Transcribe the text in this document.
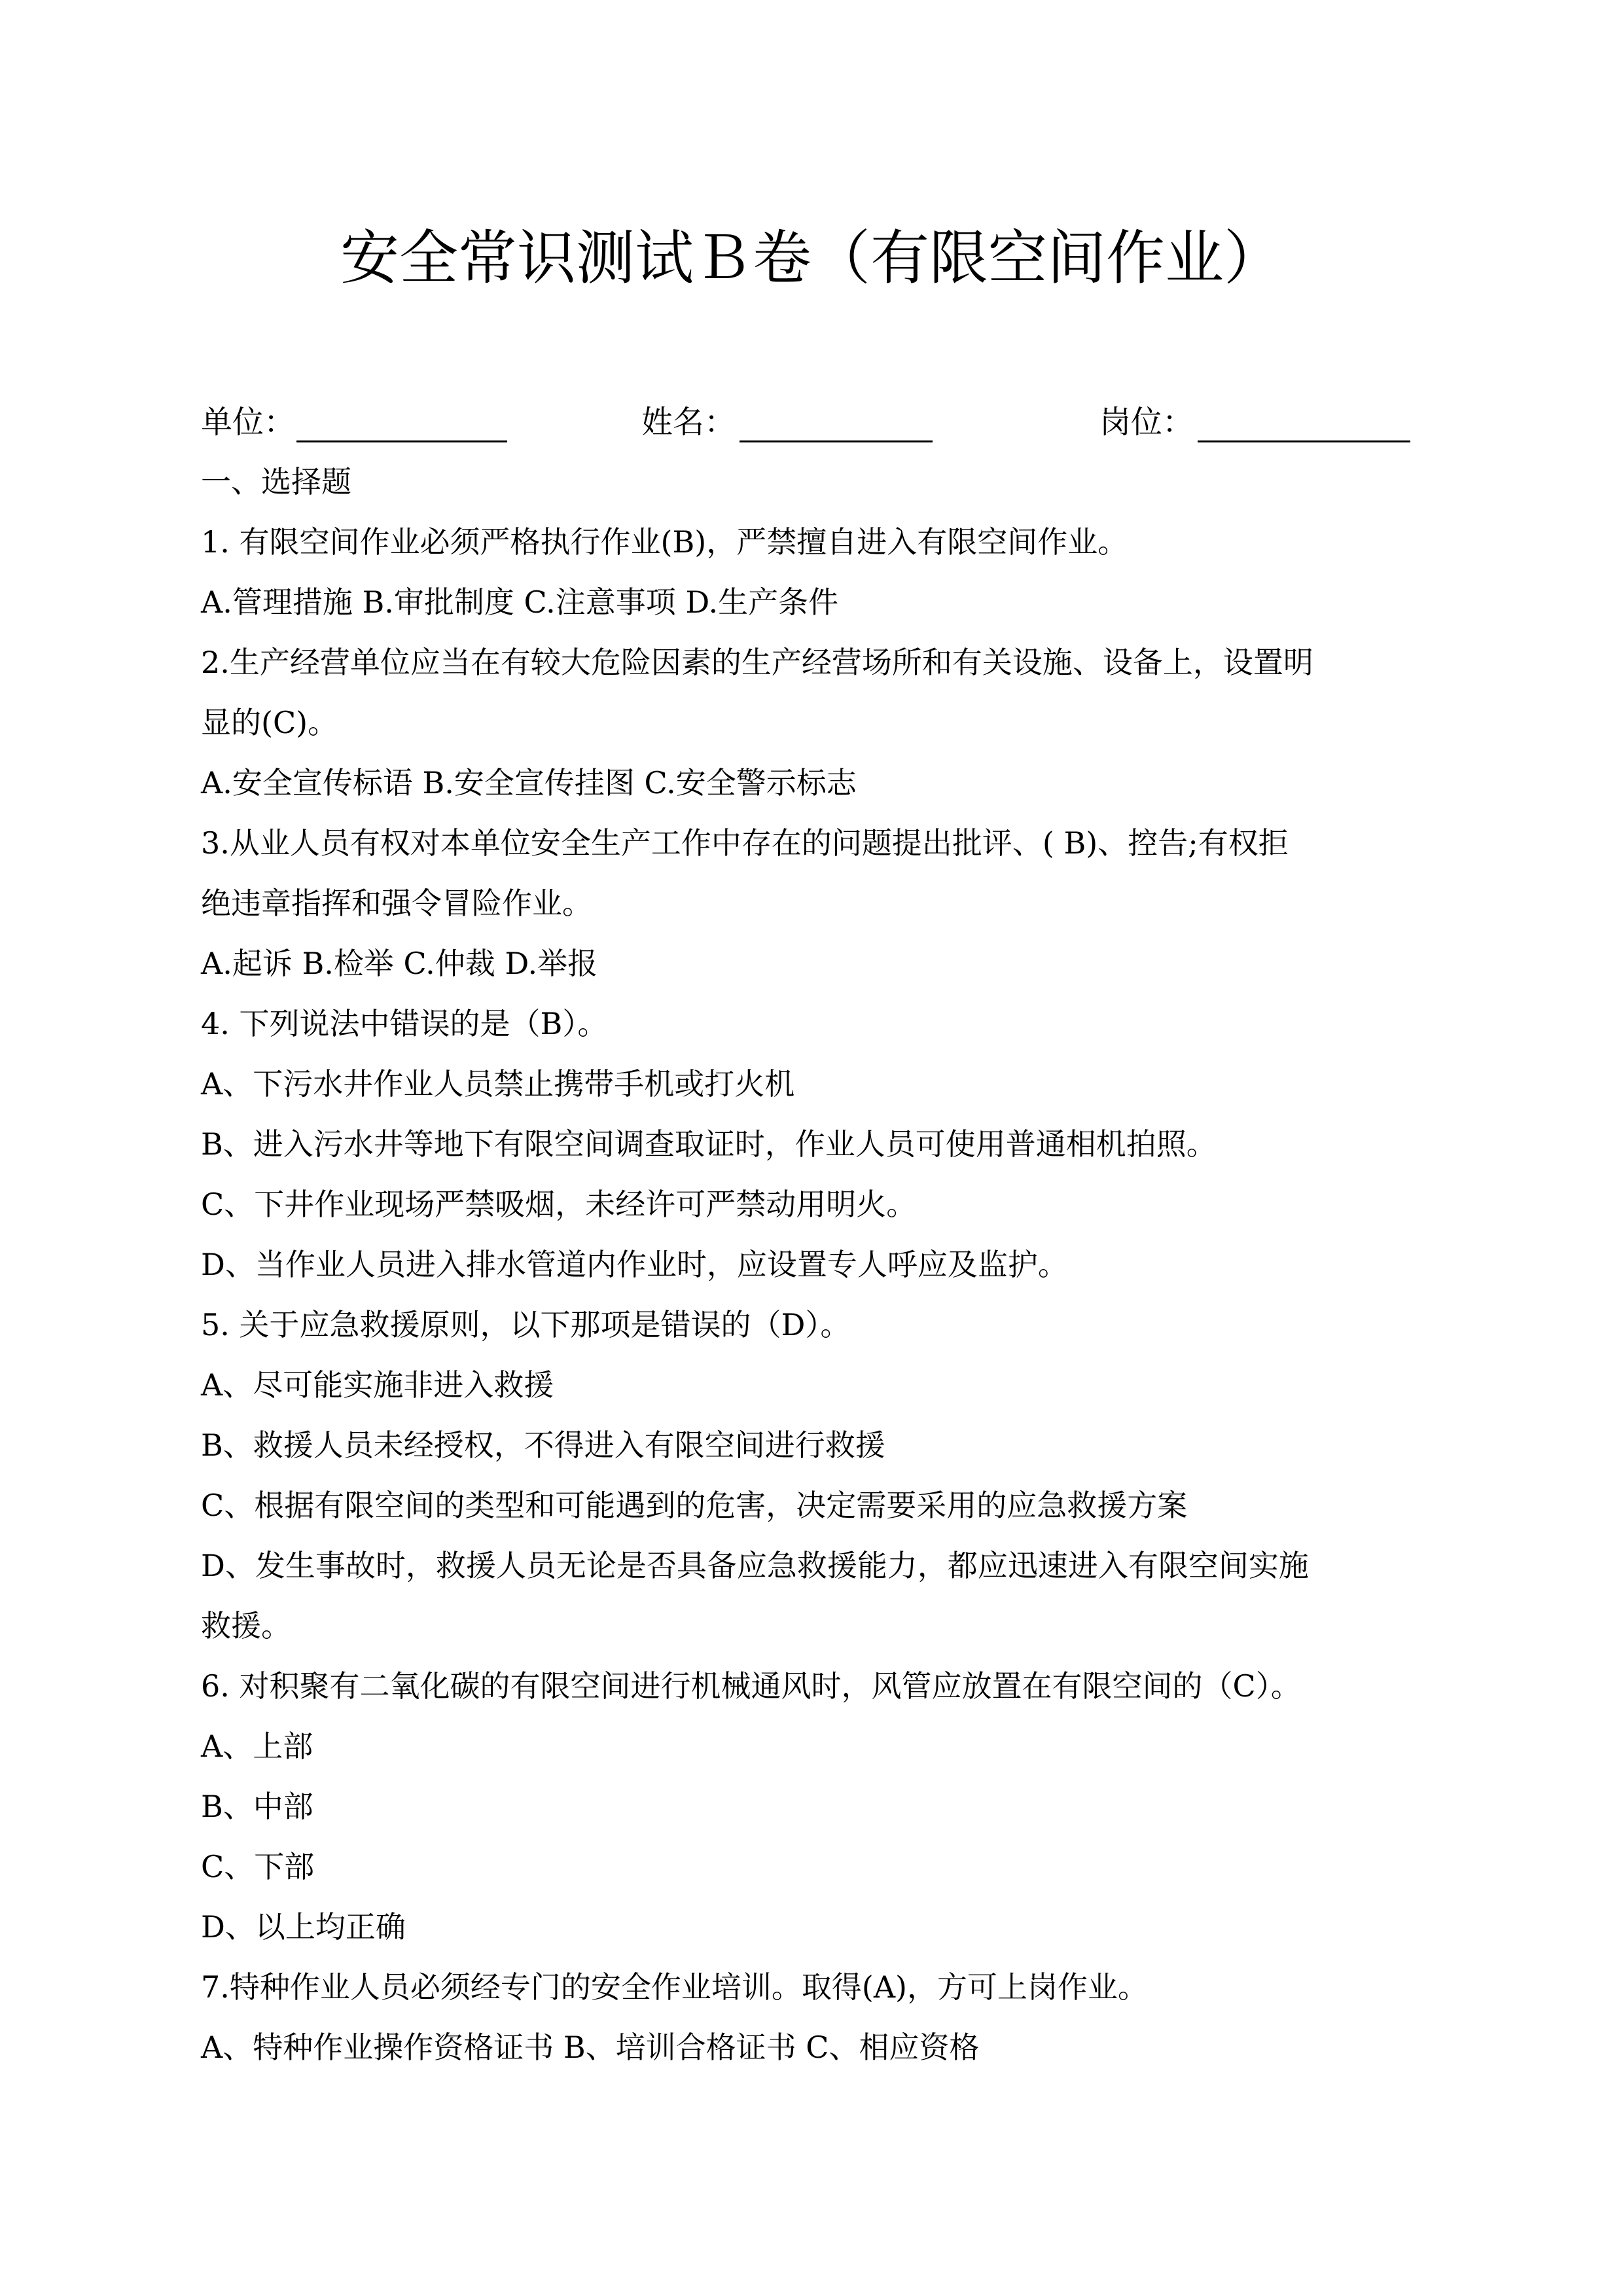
安全常识测试Ｂ卷（有限空间作业）
单位：	姓名：	岗位：

一、选择题

1. 有限空间作业必须严格执行作业(B)，严禁擅自进入有限空间作业。

A.管理措施 B.审批制度 C.注意事项 D.生产条件

2.生产经营单位应当在有较大危险因素的生产经营场所和有关设施、设备上，设置明

显的(C)。

A.安全宣传标语 B.安全宣传挂图 C.安全警示标志

3.从业人员有权对本单位安全生产工作中存在的问题提出批评、( B)、控告;有权拒

绝违章指挥和强令冒险作业。

A.起诉 B.检举 C.仲裁 D.举报

4. 下列说法中错误的是（B）。

A、下污水井作业人员禁止携带手机或打火机

B、进入污水井等地下有限空间调查取证时，作业人员可使用普通相机拍照。

C、下井作业现场严禁吸烟，未经许可严禁动用明火。

D、当作业人员进入排水管道内作业时，应设置专人呼应及监护。

5. 关于应急救援原则，以下那项是错误的（D）。

A、尽可能实施非进入救援

B、救援人员未经授权，不得进入有限空间进行救援

C、根据有限空间的类型和可能遇到的危害，决定需要采用的应急救援方案

D、发生事故时，救援人员无论是否具备应急救援能力，都应迅速进入有限空间实施

救援。

6. 对积聚有二氧化碳的有限空间进行机械通风时，风管应放置在有限空间的（C）。

A、上部

B、中部

C、下部

D、以上均正确

7.特种作业人员必须经专门的安全作业培训。取得(A)，方可上岗作业。

A、特种作业操作资格证书 B、培训合格证书 C、相应资格
